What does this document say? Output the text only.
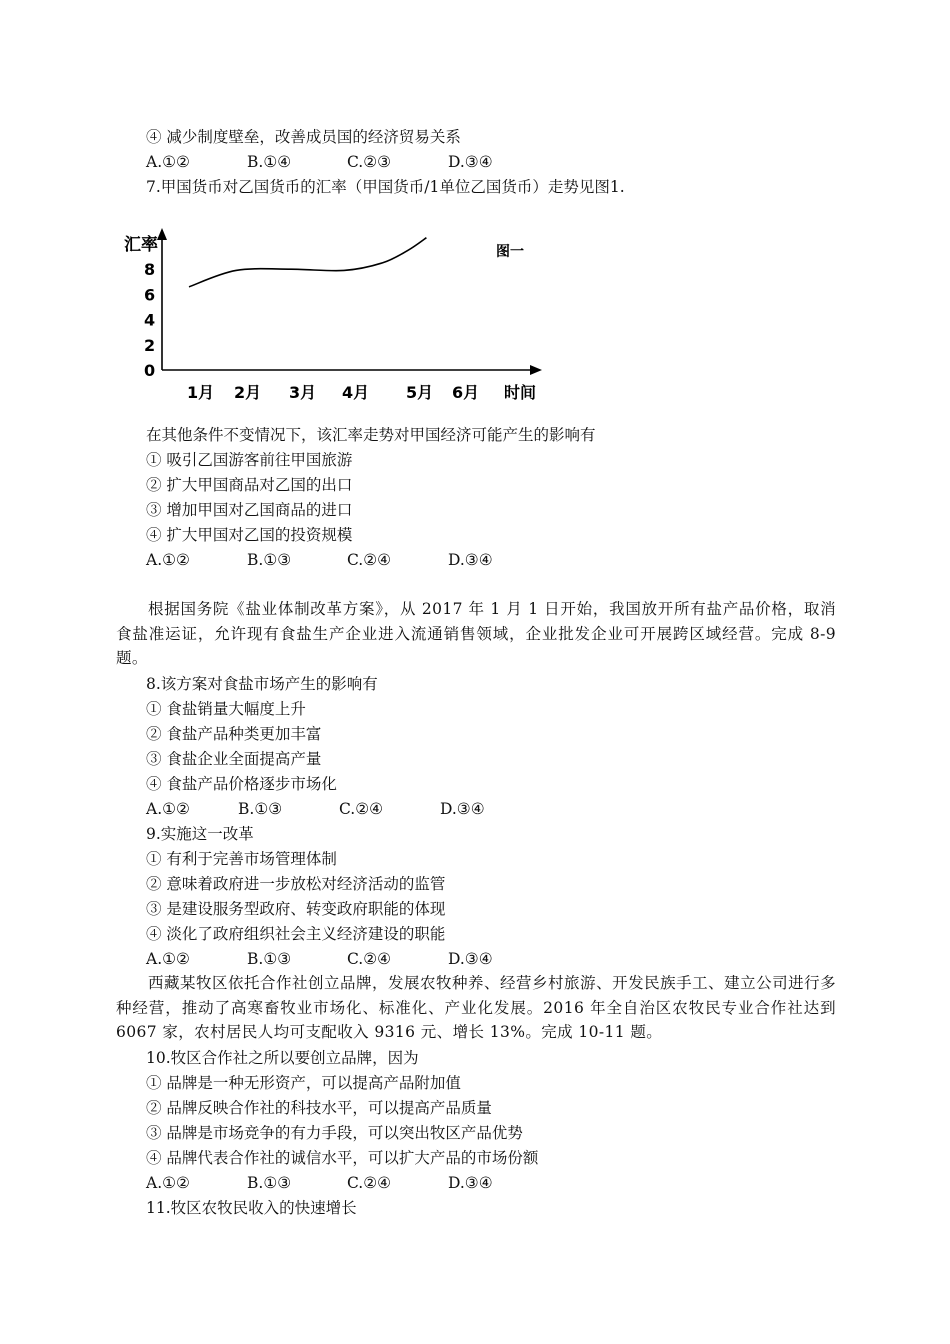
④ 减少制度壁垒，改善成员国的经济贸易关系
A.①②	B.①④	C.②③	D.③④
7.甲国货币对乙国货币的汇率（甲国货币/1单位乙国货币）走势见图1.
汇率	图一
时间
0
2
4
6
8
1月 2月 3月 4月 5月 6月
在其他条件不变情况下，该汇率走势对甲国经济可能产生的影响有
① 吸引乙国游客前往甲国旅游
② 扩大甲国商品对乙国的出口
③ 增加甲国对乙国商品的进口
④ 扩大甲国对乙国的投资规模
A.①②	B.①③	C.②④	D.③④
根据国务院《盐业体制改革方案》，从 2017 年 1 月 1 日开始，我国放开所有盐产品价格，取消食盐准运证，允许现有食盐生产企业进入流通销售领域，企业批发企业可开展跨区域经营。完成 8-9 题。
8.该方案对食盐市场产生的影响有
① 食盐销量大幅度上升
② 食盐产品种类更加丰富
③ 食盐企业全面提高产量
④ 食盐产品价格逐步市场化
A.①②	B.①③	C.②④	D.③④
9.实施这一改革
① 有利于完善市场管理体制
② 意味着政府进一步放松对经济活动的监管
③ 是建设服务型政府、转变政府职能的体现
④ 淡化了政府组织社会主义经济建设的职能
A.①②	B.①③	C.②④	D.③④
西藏某牧区依托合作社创立品牌，发展农牧种养、经营乡村旅游、开发民族手工、建立公司进行多种经营，推动了高寒畜牧业市场化、标准化、产业化发展。2016 年全自治区农牧民专业合作社达到 6067 家，农村居民人均可支配收入 9316 元、增长 13%。完成 10-11 题。
10.牧区合作社之所以要创立品牌，因为
① 品牌是一种无形资产，可以提高产品附加值
② 品牌反映合作社的科技水平，可以提高产品质量
③ 品牌是市场竞争的有力手段，可以突出牧区产品优势
④ 品牌代表合作社的诚信水平，可以扩大产品的市场份额
A.①②	B.①③	C.②④	D.③④
11.牧区农牧民收入的快速增长
